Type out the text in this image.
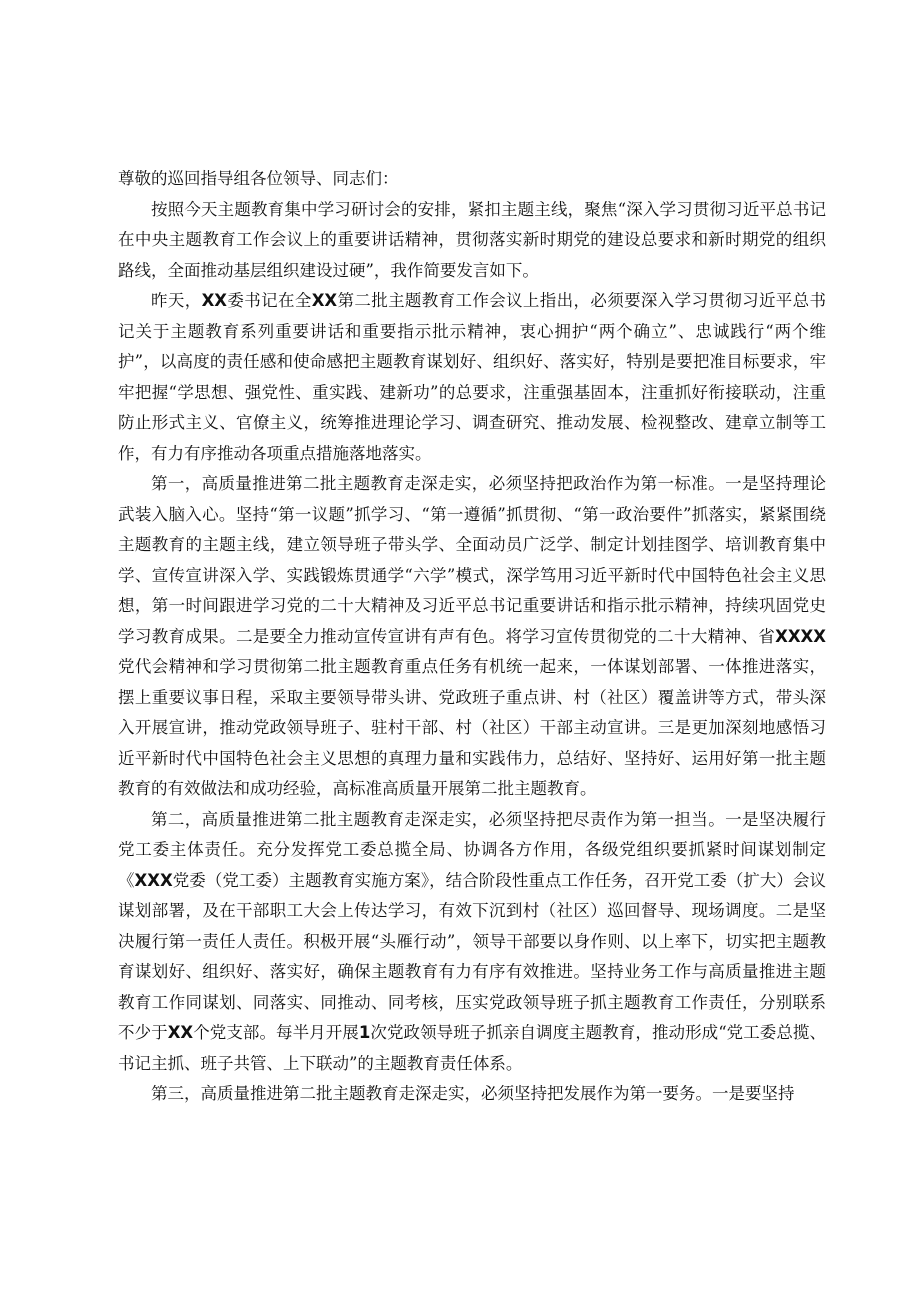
尊敬的巡回指导组各位领导、同志们：

按照今天主题教育集中学习研讨会的安排，紧扣主题主线，聚焦“深入学习贯彻习近平总书记在中央主题教育工作会议上的重要讲话精神，贯彻落实新时期党的建设总要求和新时期党的组织路线，全面推动基层组织建设过硬”，我作简要发言如下。

昨天，XX委书记在全XX第二批主题教育工作会议上指出，必须要深入学习贯彻习近平总书记关于主题教育系列重要讲话和重要指示批示精神，衷心拥护“两个确立”、忠诚践行“两个维护”，以高度的责任感和使命感把主题教育谋划好、组织好、落实好，特别是要把准目标要求，牢牢把握“学思想、强党性、重实践、建新功”的总要求，注重强基固本，注重抓好衔接联动，注重防止形式主义、官僚主义，统筹推进理论学习、调查研究、推动发展、检视整改、建章立制等工作，有力有序推动各项重点措施落地落实。

第一，高质量推进第二批主题教育走深走实，必须坚持把政治作为第一标准。一是坚持理论武装入脑入心。坚持“第一议题”抓学习、“第一遵循”抓贯彻、“第一政治要件”抓落实，紧紧围绕主题教育的主题主线，建立领导班子带头学、全面动员广泛学、制定计划挂图学、培训教育集中学、宣传宣讲深入学、实践锻炼贯通学“六学”模式，深学笃用习近平新时代中国特色社会主义思想，第一时间跟进学习党的二十大精神及习近平总书记重要讲话和指示批示精神，持续巩固党史学习教育成果。二是要全力推动宣传宣讲有声有色。将学习宣传贯彻党的二十大精神、省XXXX党代会精神和学习贯彻第二批主题教育重点任务有机统一起来，一体谋划部署、一体推进落实，摆上重要议事日程，采取主要领导带头讲、党政班子重点讲、村（社区）覆盖讲等方式，带头深入开展宣讲，推动党政领导班子、驻村干部、村（社区）干部主动宣讲。三是更加深刻地感悟习近平新时代中国特色社会主义思想的真理力量和实践伟力，总结好、坚持好、运用好第一批主题教育的有效做法和成功经验，高标准高质量开展第二批主题教育。

第二，高质量推进第二批主题教育走深走实，必须坚持把尽责作为第一担当。一是坚决履行党工委主体责任。充分发挥党工委总揽全局、协调各方作用，各级党组织要抓紧时间谋划制定《XXX党委（党工委）主题教育实施方案》，结合阶段性重点工作任务，召开党工委（扩大）会议谋划部署，及在干部职工大会上传达学习，有效下沉到村（社区）巡回督导、现场调度。二是坚决履行第一责任人责任。积极开展“头雁行动”，领导干部要以身作则、以上率下，切实把主题教育谋划好、组织好、落实好，确保主题教育有力有序有效推进。坚持业务工作与高质量推进主题教育工作同谋划、同落实、同推动、同考核，压实党政领导班子抓主题教育工作责任，分别联系不少于XX个党支部。每半月开展1次党政领导班子抓亲自调度主题教育，推动形成“党工委总揽、书记主抓、班子共管、上下联动”的主题教育责任体系。

第三，高质量推进第二批主题教育走深走实，必须坚持把发展作为第一要务。一是要坚持
